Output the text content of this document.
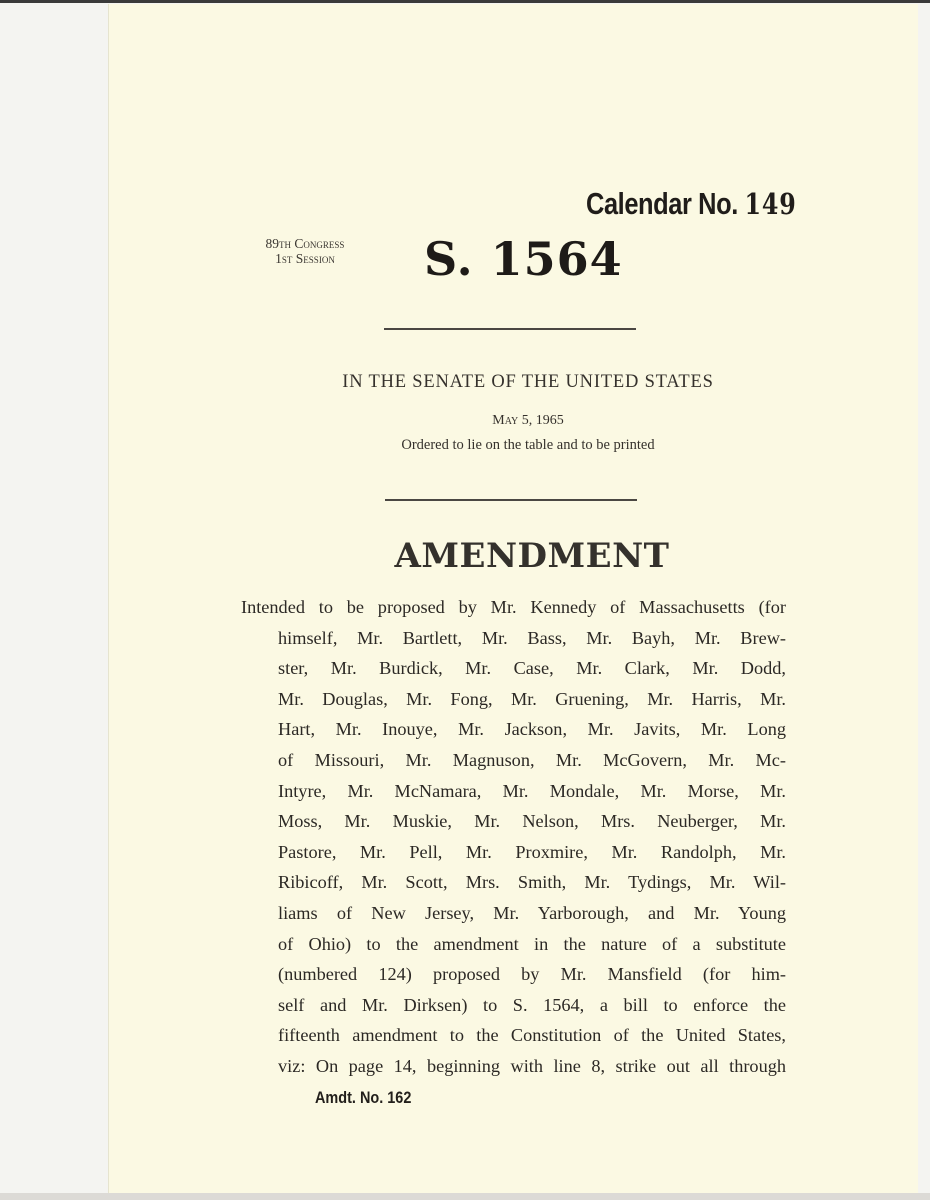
Calendar No. 149
89th Congress
1st Session	S. 1564
IN THE SENATE OF THE UNITED STATES
May 5, 1965
Ordered to lie on the table and to be printed
AMENDMENT
Intended to be proposed by Mr. Kennedy of Massachusetts (for
himself, Mr. Bartlett, Mr. Bass, Mr. Bayh, Mr. Brew-
ster, Mr. Burdick, Mr. Case, Mr. Clark, Mr. Dodd,
Mr. Douglas, Mr. Fong, Mr. Gruening, Mr. Harris, Mr.
Hart, Mr. Inouye, Mr. Jackson, Mr. Javits, Mr. Long
of Missouri, Mr. Magnuson, Mr. McGovern, Mr. Mc-
Intyre, Mr. McNamara, Mr. Mondale, Mr. Morse, Mr.
Moss, Mr. Muskie, Mr. Nelson, Mrs. Neuberger, Mr.
Pastore, Mr. Pell, Mr. Proxmire, Mr. Randolph, Mr.
Ribicoff, Mr. Scott, Mrs. Smith, Mr. Tydings, Mr. Wil-
liams of New Jersey, Mr. Yarborough, and Mr. Young
of Ohio) to the amendment in the nature of a substitute
(numbered 124) proposed by Mr. Mansfield (for him-
self and Mr. Dirksen) to S. 1564, a bill to enforce the
fifteenth amendment to the Constitution of the United States,
viz: On page 14, beginning with line 8, strike out all through
Amdt. No. 162
